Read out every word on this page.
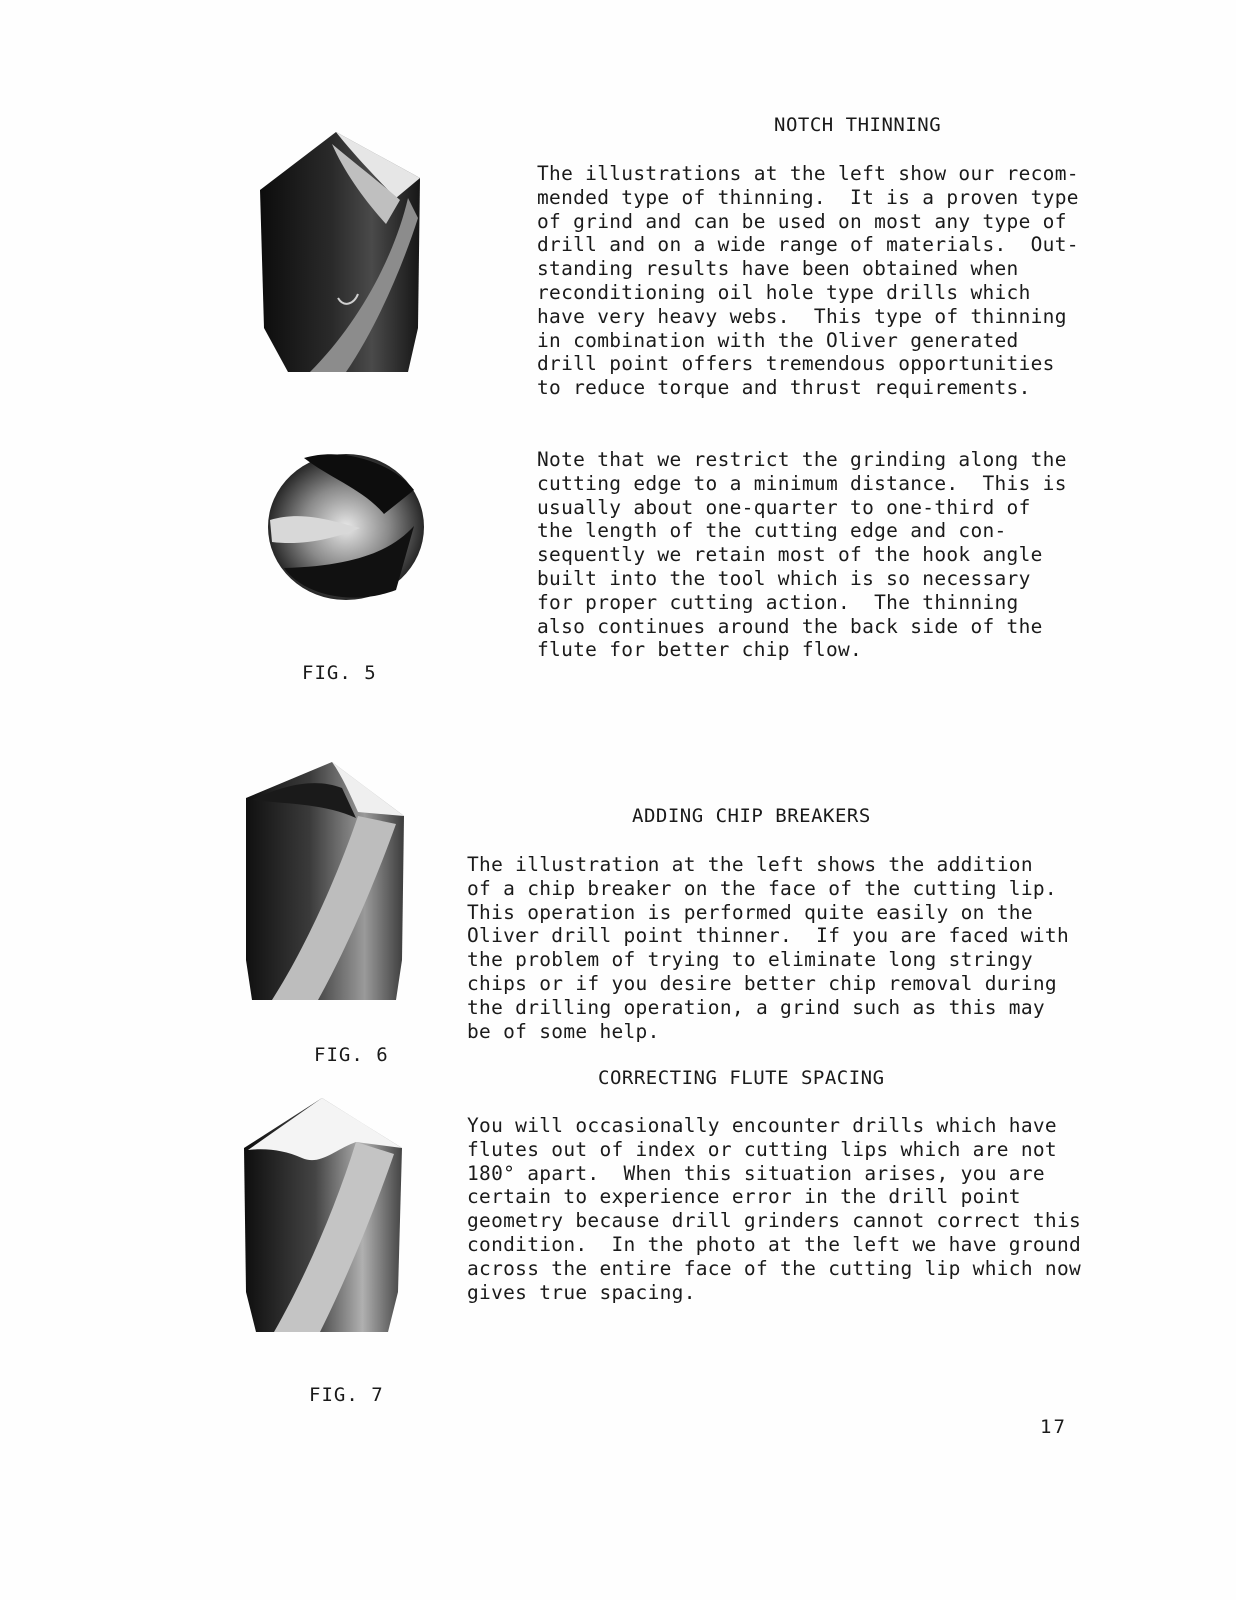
NOTCH THINNING

The illustrations at the left show our recom-
mended type of thinning.  It is a proven type
of grind and can be used on most any type of
drill and on a wide range of materials.  Out-
standing results have been obtained when
reconditioning oil hole type drills which
have very heavy webs.  This type of thinning
in combination with the Oliver generated
drill point offers tremendous opportunities
to reduce torque and thrust requirements.

Note that we restrict the grinding along the
cutting edge to a minimum distance.  This is
usually about one-quarter to one-third of
the length of the cutting edge and con-
sequently we retain most of the hook angle
built into the tool which is so necessary
for proper cutting action.  The thinning
also continues around the back side of the
flute for better chip flow.

ADDING CHIP BREAKERS

The illustration at the left shows the addition
of a chip breaker on the face of the cutting lip.
This operation is performed quite easily on the
Oliver drill point thinner.  If you are faced with
the problem of trying to eliminate long stringy
chips or if you desire better chip removal during
the drilling operation, a grind such as this may
be of some help.

CORRECTING FLUTE SPACING

You will occasionally encounter drills which have
flutes out of index or cutting lips which are not
180° apart.  When this situation arises, you are
certain to experience error in the drill point
geometry because drill grinders cannot correct this
condition.  In the photo at the left we have ground
across the entire face of the cutting lip which now
gives true spacing.

FIG. 5
FIG. 6
FIG. 7
17
